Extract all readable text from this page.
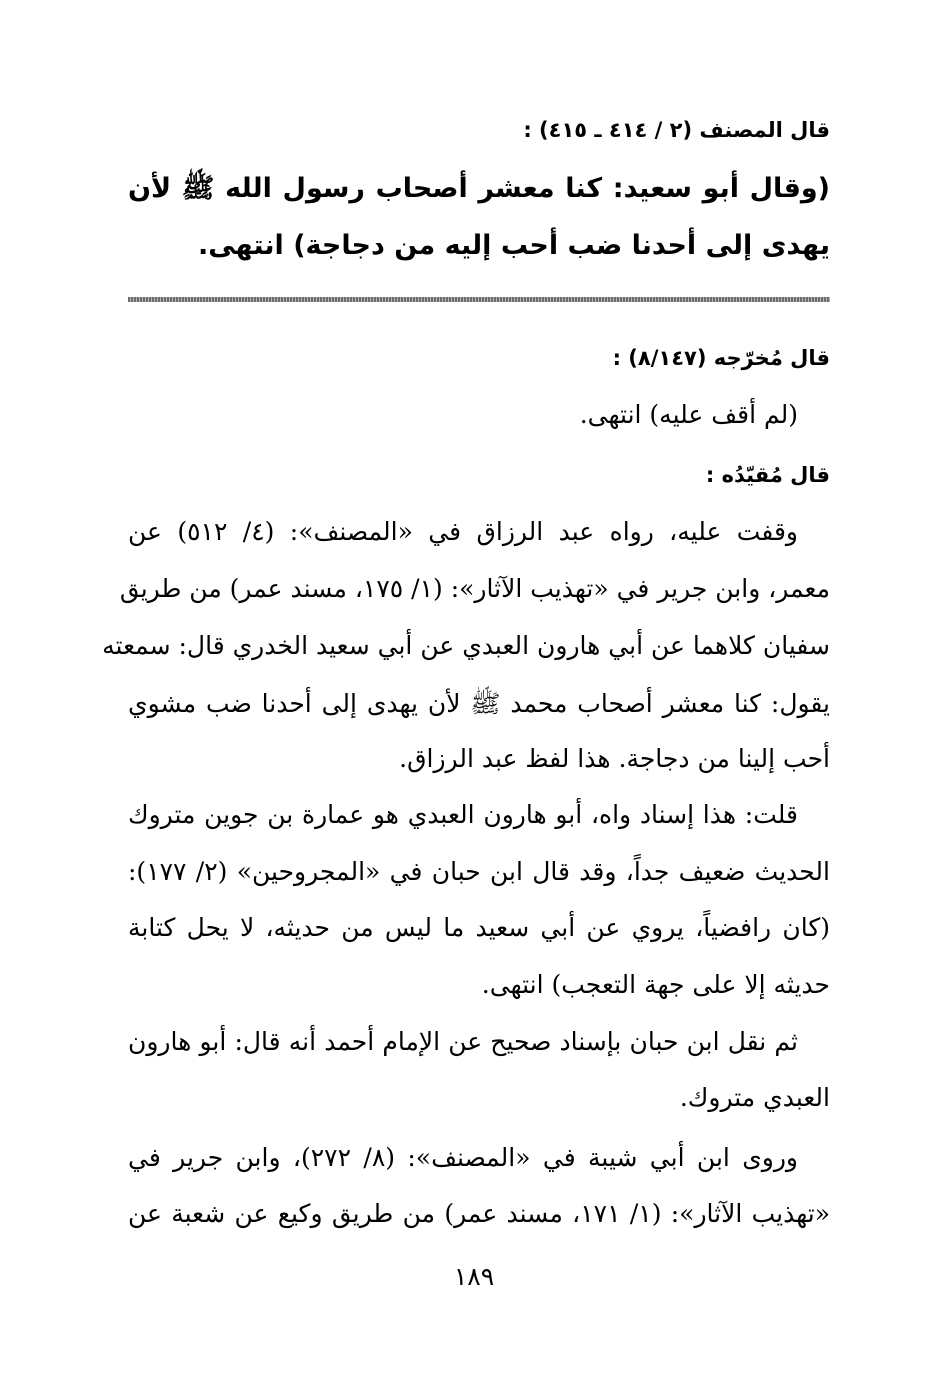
قال المصنف (٢ / ٤١٤ ـ ٤١٥) :
(وقال أبو سعيد: كنا معشر أصحاب رسول الله ﷺ لأن
يهدى إلى أحدنا ضب أحب إليه من دجاجة) انتهى.
قال مُخرّجه (٨/١٤٧) :
(لم أقف عليه) انتهى.
قال مُقيّدُه :
وقفت عليه، رواه عبد الرزاق في «المصنف»: (٤/ ٥١٢) عن
معمر، وابن جرير في «تهذيب الآثار»: (١/ ١٧٥، مسند عمر) من طريق
سفيان كلاهما عن أبي هارون العبدي عن أبي سعيد الخدري قال: سمعته
يقول: كنا معشر أصحاب محمد ﷺ لأن يهدى إلى أحدنا ضب مشوي
أحب إلينا من دجاجة. هذا لفظ عبد الرزاق.
قلت: هذا إسناد واه، أبو هارون العبدي هو عمارة بن جوين متروك
الحديث ضعيف جداً، وقد قال ابن حبان في «المجروحين» (٢/ ١٧٧):
(كان رافضياً، يروي عن أبي سعيد ما ليس من حديثه، لا يحل كتابة
حديثه إلا على جهة التعجب) انتهى.
ثم نقل ابن حبان بإسناد صحيح عن الإمام أحمد أنه قال: أبو هارون
العبدي متروك.
وروى ابن أبي شيبة في «المصنف»: (٨/ ٢٧٢)، وابن جرير في
«تهذيب الآثار»: (١/ ١٧١، مسند عمر) من طريق وكيع عن شعبة عن
١٨٩
